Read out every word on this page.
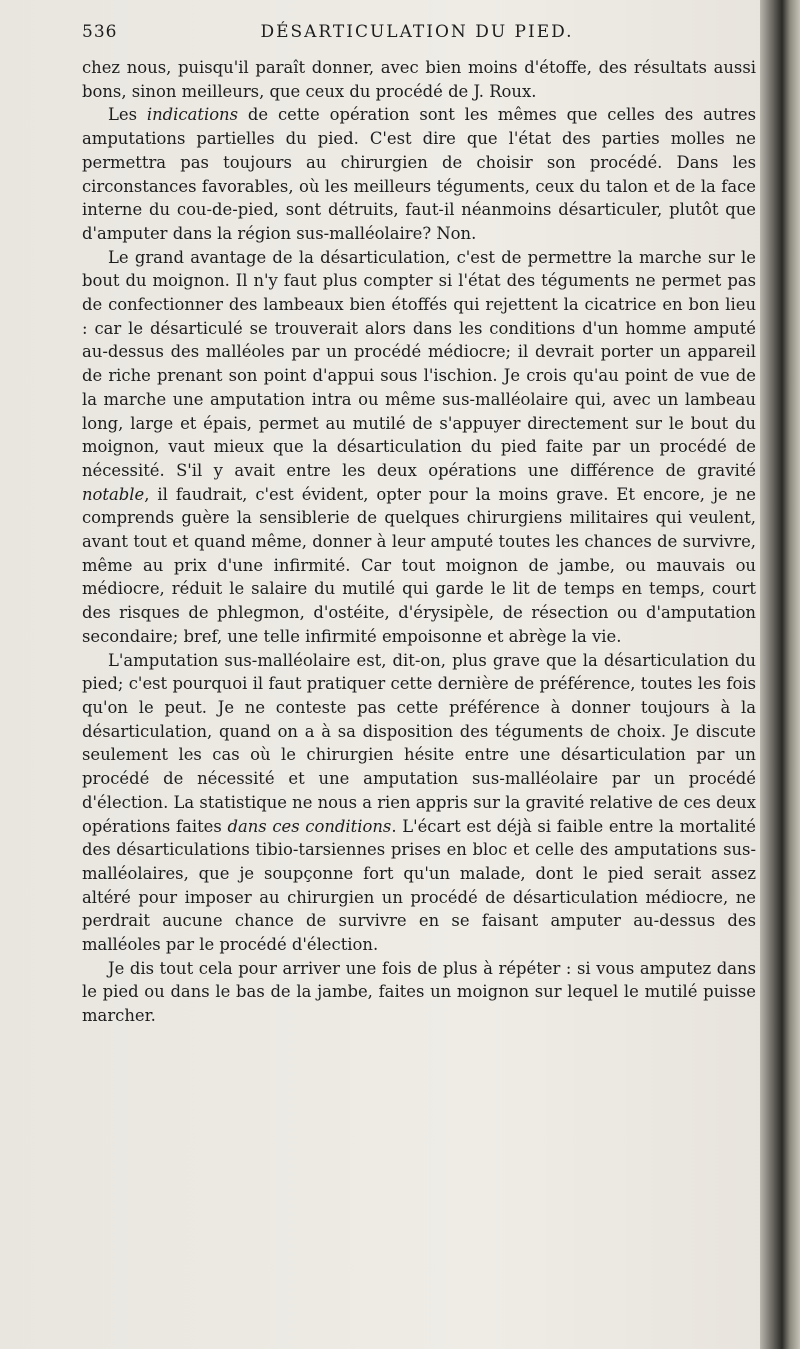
536	DÉSARTICULATION DU PIED.

chez nous, puisqu'il paraît donner, avec bien moins d'étoffe, des résultats aussi bons, sinon meilleurs, que ceux du procédé de J. Roux.

Les indications de cette opération sont les mêmes que celles des autres amputations partielles du pied. C'est dire que l'état des parties molles ne permettra pas toujours au chirurgien de choisir son procédé. Dans les circonstances favorables, où les meilleurs téguments, ceux du talon et de la face interne du cou-de-pied, sont détruits, faut-il néanmoins désarticuler, plutôt que d'amputer dans la région sus-malléolaire? Non.

Le grand avantage de la désarticulation, c'est de permettre la marche sur le bout du moignon. Il n'y faut plus compter si l'état des téguments ne permet pas de confectionner des lambeaux bien étoffés qui rejettent la cicatrice en bon lieu : car le désarticulé se trouverait alors dans les conditions d'un homme amputé au-dessus des malléoles par un procédé médiocre; il devrait porter un appareil de riche prenant son point d'appui sous l'ischion. Je crois qu'au point de vue de la marche une amputation intra ou même sus-malléolaire qui, avec un lambeau long, large et épais, permet au mutilé de s'appuyer directement sur le bout du moignon, vaut mieux que la désarticulation du pied faite par un procédé de nécessité. S'il y avait entre les deux opérations une différence de gravité notable, il faudrait, c'est évident, opter pour la moins grave. Et encore, je ne comprends guère la sensiblerie de quelques chirurgiens militaires qui veulent, avant tout et quand même, donner à leur amputé toutes les chances de survivre, même au prix d'une infirmité. Car tout moignon de jambe, ou mauvais ou médiocre, réduit le salaire du mutilé qui garde le lit de temps en temps, court des risques de phlegmon, d'ostéite, d'érysipèle, de résection ou d'amputation secondaire; bref, une telle infirmité empoisonne et abrège la vie.

L'amputation sus-malléolaire est, dit-on, plus grave que la désarticulation du pied; c'est pourquoi il faut pratiquer cette dernière de préférence, toutes les fois qu'on le peut. Je ne conteste pas cette préférence à donner toujours à la désarticulation, quand on a à sa disposition des téguments de choix. Je discute seulement les cas où le chirurgien hésite entre une désarticulation par un procédé de nécessité et une amputation sus-malléolaire par un procédé d'élection. La statistique ne nous a rien appris sur la gravité relative de ces deux opérations faites dans ces conditions. L'écart est déjà si faible entre la mortalité des désarticulations tibio-tarsiennes prises en bloc et celle des amputations sus-malléolaires, que je soupçonne fort qu'un malade, dont le pied serait assez altéré pour imposer au chirurgien un procédé de désarticulation médiocre, ne perdrait aucune chance de survivre en se faisant amputer au-dessus des malléoles par le procédé d'élection.

Je dis tout cela pour arriver une fois de plus à répéter : si vous amputez dans le pied ou dans le bas de la jambe, faites un moignon sur lequel le mutilé puisse marcher.
